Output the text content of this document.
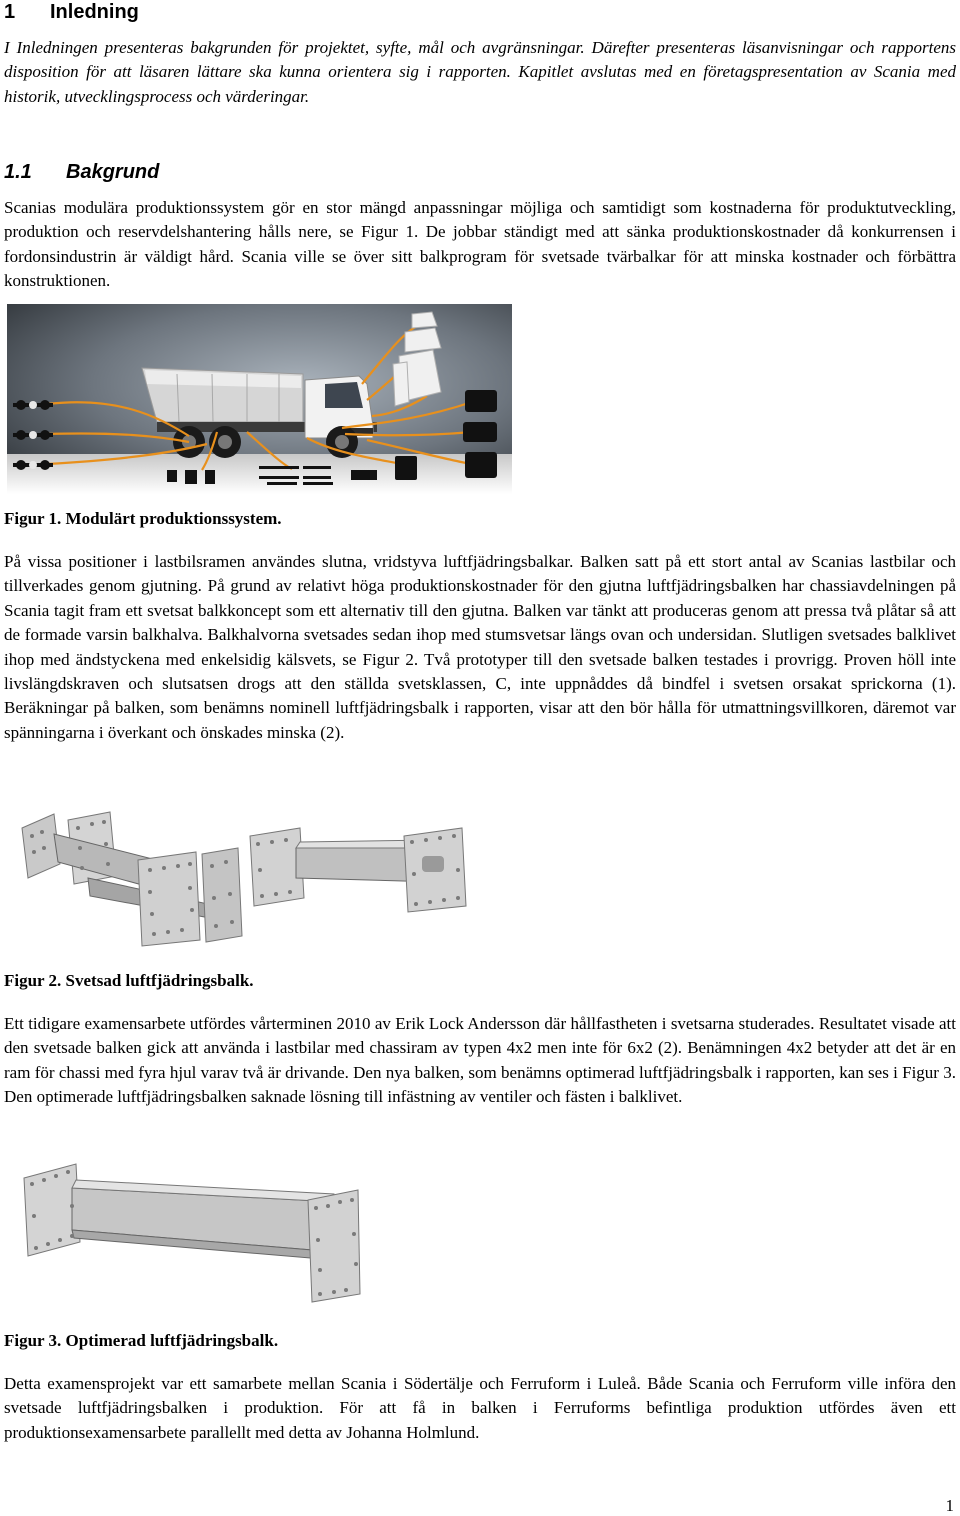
1 Inledning

I Inledningen presenteras bakgrunden för projektet, syfte, mål och avgränsningar. Därefter presenteras läsanvisningar och rapportens disposition för att läsaren lättare ska kunna orientera sig i rapporten. Kapitlet avslutas med en företagspresentation av Scania med historik, utvecklingsprocess och värderingar.

1.1 Bakgrund

Scanias modulära produktionssystem gör en stor mängd anpassningar möjliga och samtidigt som kostnaderna för produktutveckling, produktion och reservdelshantering hålls nere, se Figur 1. De jobbar ständigt med att sänka produktionskostnader då konkurrensen i fordonsindustrin är väldigt hård. Scania ville se över sitt balkprogram för svetsade tvärbalkar för att minska kostnader och förbättra konstruktionen.

Figur 1. Modulärt produktionssystem.

På vissa positioner i lastbilsramen användes slutna, vridstyva luftfjädringsbalkar. Balken satt på ett stort antal av Scanias lastbilar och tillverkades genom gjutning. På grund av relativt höga produktionskostnader för den gjutna luftfjädringsbalken har chassiavdelningen på Scania tagit fram ett svetsat balkkoncept som ett alternativ till den gjutna. Balken var tänkt att produceras genom att pressa två plåtar så att de formade varsin balkhalva. Balkhalvorna svetsades sedan ihop med stumsvetsar längs ovan och undersidan. Slutligen svetsades balklivet ihop med ändstyckena med enkelsidig kälsvets, se Figur 2. Två prototyper till den svetsade balken testades i provrigg. Proven höll inte livslängdskraven och slutsatsen drogs att den ställda svetsklassen, C, inte uppnåddes då bindfel i svetsen orsakat sprickorna (1). Beräkningar på balken, som benämns nominell luftfjädringsbalk i rapporten, visar att den bör hålla för utmattningsvillkoren, däremot var spänningarna i överkant och önskades minska (2).

Figur 2. Svetsad luftfjädringsbalk.

Ett tidigare examensarbete utfördes vårterminen 2010 av Erik Lock Andersson där hållfastheten i svetsarna studerades. Resultatet visade att den svetsade balken gick att använda i lastbilar med chassiram av typen 4x2 men inte för 6x2 (2). Benämningen 4x2 betyder att det är en ram för chassi med fyra hjul varav två är drivande. Den nya balken, som benämns optimerad luftfjädringsbalk i rapporten, kan ses i Figur 3. Den optimerade luftfjädringsbalken saknade lösning till infästning av ventiler och fästen i balklivet.

Figur 3. Optimerad luftfjädringsbalk.

Detta examensprojekt var ett samarbete mellan Scania i Södertälje och Ferruform i Luleå. Både Scania och Ferruform ville införa den svetsade luftfjädringsbalken i produktion. För att få in balken i Ferruforms befintliga produktion utfördes även ett produktionsexamensarbete parallellt med detta av Johanna Holmlund.

1
